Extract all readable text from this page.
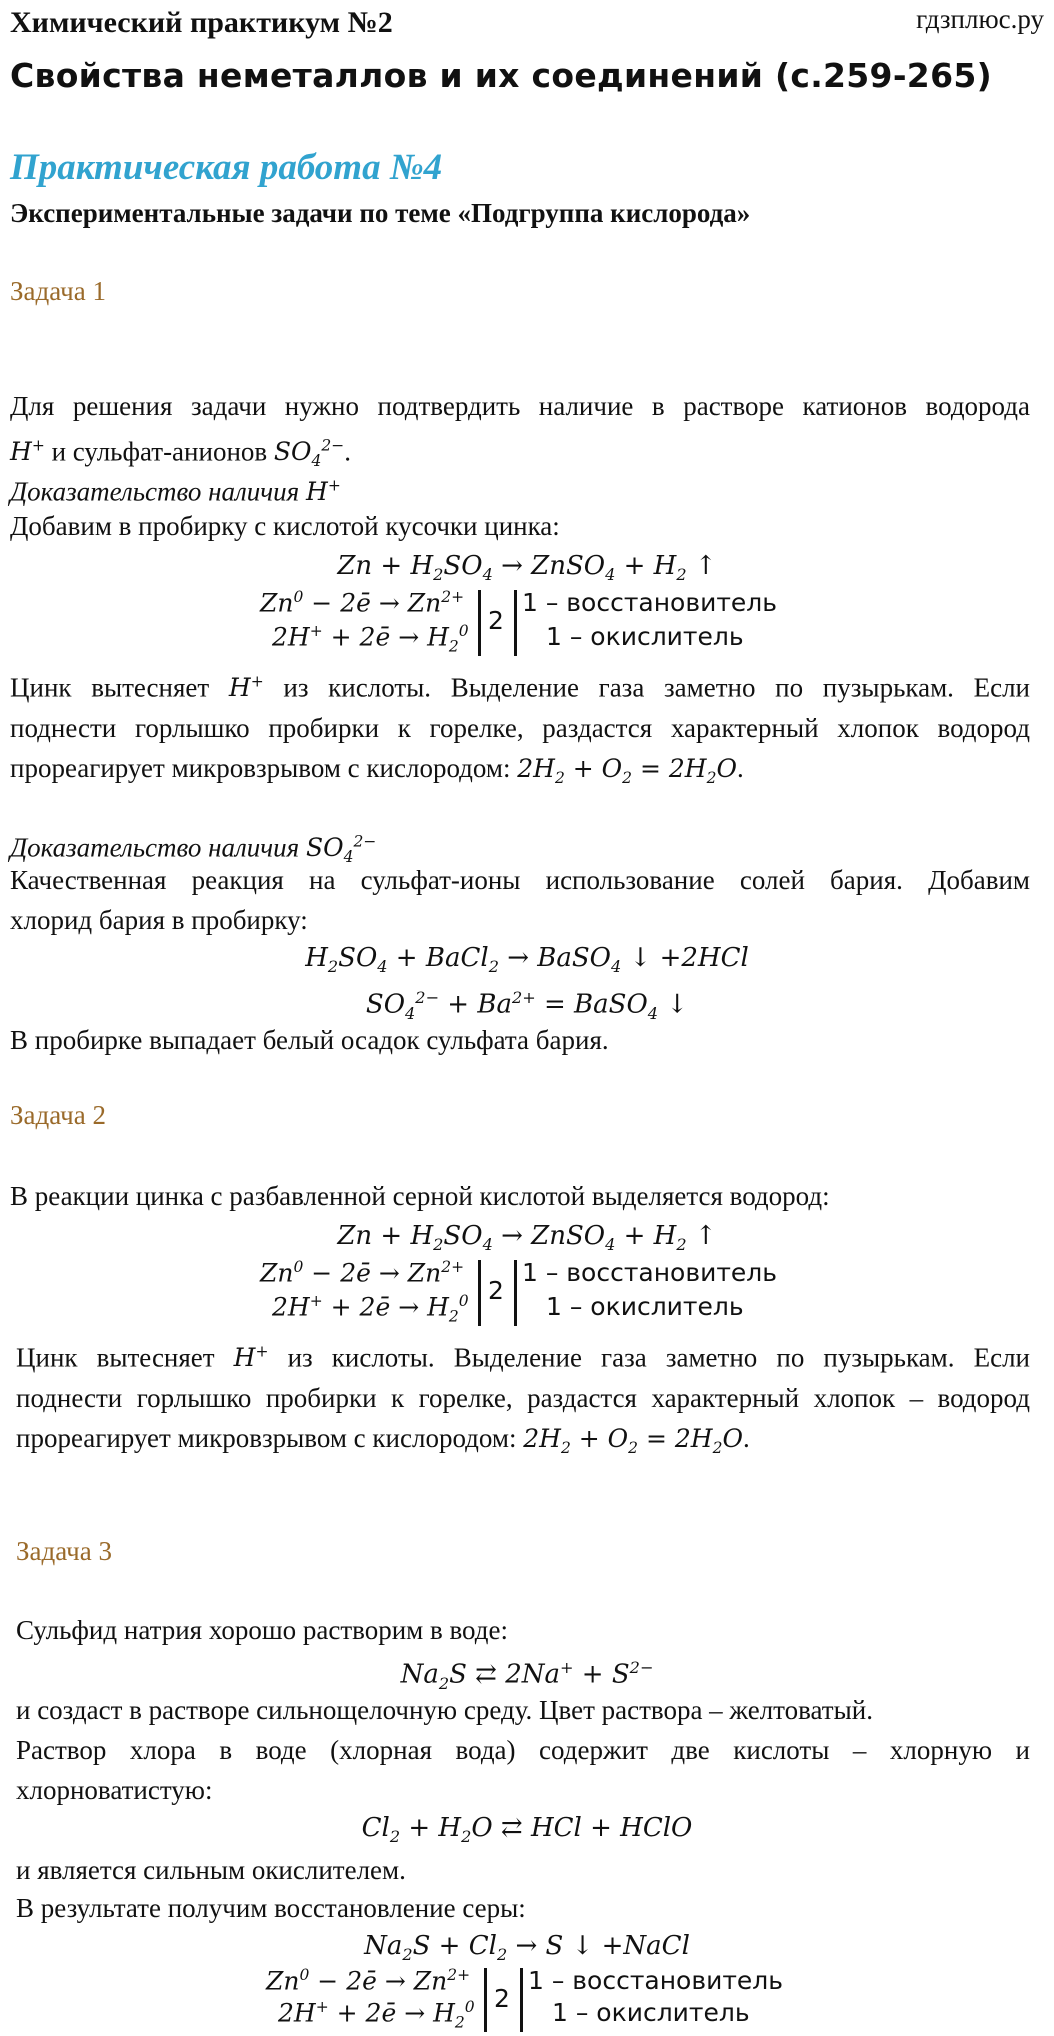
Химический практикум №2	гдзплюс.ру
Свойства неметаллов и их соединений (с.259-265)
Практическая работа №4
Экспериментальные задачи по теме «Подгруппа кислорода»
Задача 1
Для решения задачи нужно подтвердить наличие в растворе катионов водорода
H+ и сульфат-анионов $SO_4^{2-}$.
Доказательство наличия H+
Добавим в пробирку с кислотой кусочки цинка:
$Zn + H_2SO_4$ → ZnSO$_4$ + $H_2$ ↑
$Zn^0$ − 2ē → $Zn^{2+}$
2H+ + 2ē → $H_2^0$ 2
1 – восстановитель
1 – окислитель
Цинк вытесняет H+ из кислоты. Выделение газа заметно по пузырькам. Если
поднести горлышко пробирки к горелке, раздастся характерный хлопок водород
прореагирует микровзрывом с кислородом: $2H_2 + O_2 = 2H_2O$.
Доказательство наличия $SO_4^{2-}$
Качественная реакция на сульфат-ионы использование солей бария. Добавим
хлорид бария в пробирку:
$H_2SO_4$ + BaCl$_2$ → BaSO$_4$ ↓ +2HCl
$SO_4^{2-} + Ba^{2+}$ = BaSO$_4$ ↓
В пробирке выпадает белый осадок сульфата бария.
Задача 2
В реакции цинка с разбавленной серной кислотой выделяется водород:
$Zn + H_2SO_4$ → ZnSO$_4$ + $H_2$ ↑
$Zn^0$ − 2ē → $Zn^{2+}$
2H+ + 2ē → $H_2^0$ 2
1 – восстановитель
1 – окислитель
Цинк вытесняет H+ из кислоты. Выделение газа заметно по пузырькам. Если
поднести горлышко пробирки к горелке, раздастся характерный хлопок – водород
прореагирует микровзрывом с кислородом: $2H_2 + O_2 = 2H_2O$.
Задача 3
Сульфид натрия хорошо растворим в воде:
$Na_2S$ ⇄ $2Na^+ + S^{2-}$
и создаст в растворе сильнощелочную среду. Цвет раствора – желтоватый.
Раствор хлора в воде (хлорная вода) содержит две кислоты – хлорную и
хлорноватистую:
$Cl_2 + H_2O$ ⇄ HCl + HClO
и является сильным окислителем.
В результате получим восстановление серы:
$Na_2S + Cl_2 \to S$ ↓ +NaCl
$Zn^0$ − 2ē → $Zn^{2+}$
2H+ + 2ē → $H_2^0$ 2
1 – восстановитель
1 – окислитель
